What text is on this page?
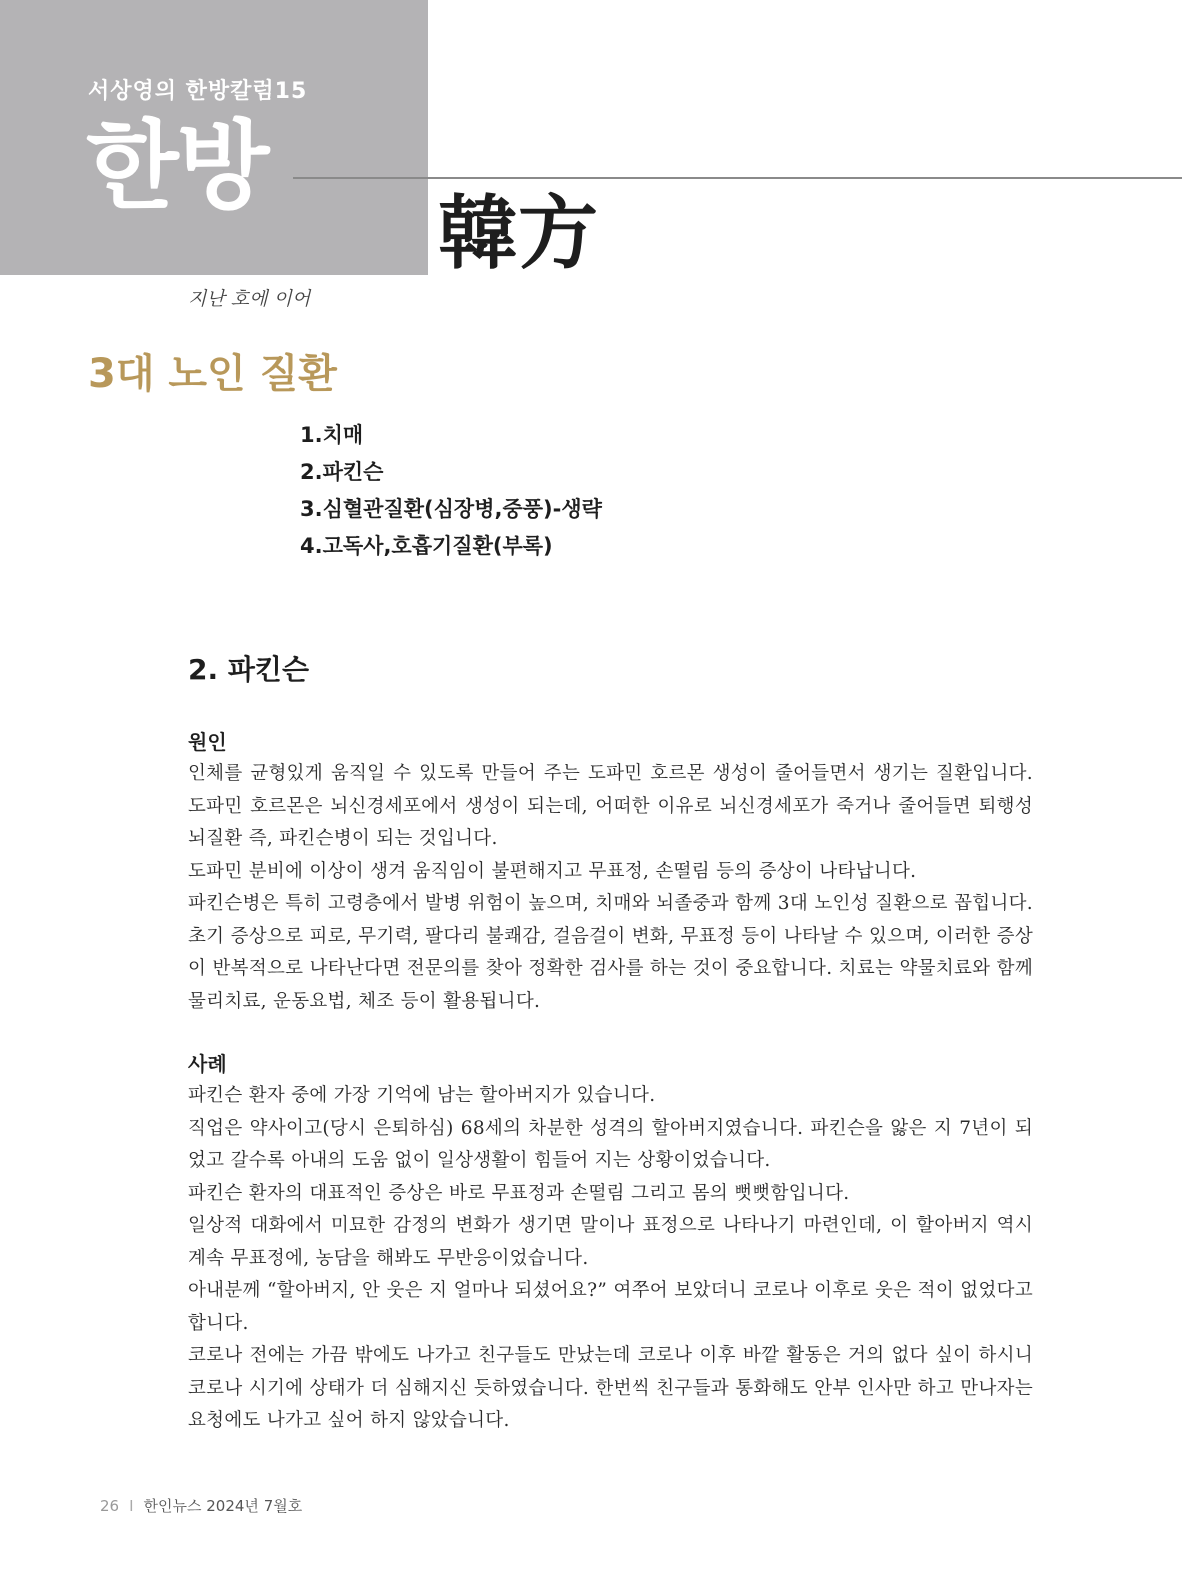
서상영의 한방칼럼15
한방
韓方
지난 호에 이어
3대 노인 질환
1.치매
2.파킨슨
3.심혈관질환(심장병,중풍)-생략
4.고독사,호흡기질환(부록)
2. 파킨슨

원인

인체를 균형있게 움직일 수 있도록 만들어 주는 도파민 호르몬 생성이 줄어들면서 생기는 질환입니다. 도파민 호르몬은 뇌신경세포에서 생성이 되는데, 어떠한 이유로 뇌신경세포가 죽거나 줄어들면 퇴행성 뇌질환 즉, 파킨슨병이 되는 것입니다.

도파민 분비에 이상이 생겨 움직임이 불편해지고 무표정, 손떨림 등의 증상이 나타납니다.

파킨슨병은 특히 고령층에서 발병 위험이 높으며, 치매와 뇌졸중과 함께 3대 노인성 질환으로 꼽힙니다. 초기 증상으로 피로, 무기력, 팔다리 불쾌감, 걸음걸이 변화, 무표정 등이 나타날 수 있으며, 이러한 증상이 반복적으로 나타난다면 전문의를 찾아 정확한 검사를 하는 것이 중요합니다. 치료는 약물치료와 함께 물리치료, 운동요법, 체조 등이 활용됩니다.

사례

파킨슨 환자 중에 가장 기억에 남는 할아버지가 있습니다.

직업은 약사이고(당시 은퇴하심) 68세의 차분한 성격의 할아버지였습니다. 파킨슨을 앓은 지 7년이 되었고 갈수록 아내의 도움 없이 일상생활이 힘들어 지는 상황이었습니다.

파킨슨 환자의 대표적인 증상은 바로 무표정과 손떨림 그리고 몸의 뻣뻣함입니다.

일상적 대화에서 미묘한 감정의 변화가 생기면 말이나 표정으로 나타나기 마련인데, 이 할아버지 역시 계속 무표정에, 농담을 해봐도 무반응이었습니다.

아내분께 “할아버지, 안 웃은 지 얼마나 되셨어요?” 여쭈어 보았더니 코로나 이후로 웃은 적이 없었다고 합니다.

코로나 전에는 가끔 밖에도 나가고 친구들도 만났는데 코로나 이후 바깥 활동은 거의 없다 싶이 하시니 코로나 시기에 상태가 더 심해지신 듯하였습니다. 한번씩 친구들과 통화해도 안부 인사만 하고 만나자는 요청에도 나가고 싶어 하지 않았습니다.

26 I 한인뉴스 2024년 7월호
